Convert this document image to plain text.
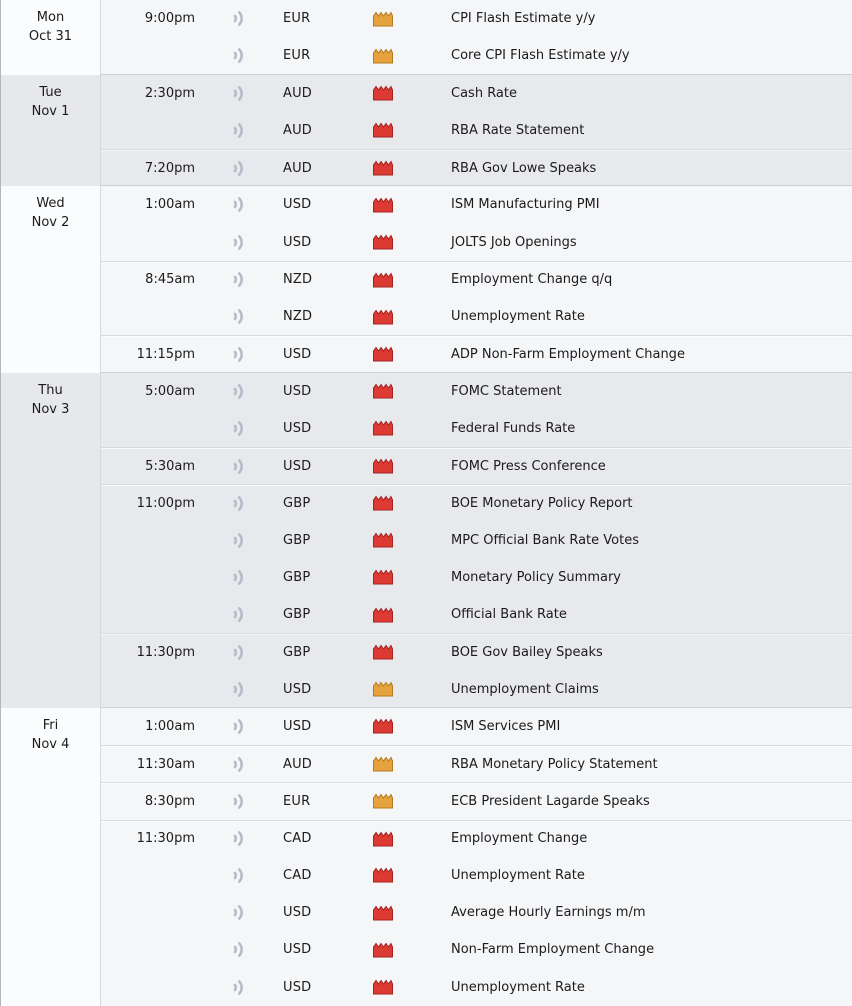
Mon
Oct 31
9:00pm	EUR	CPI Flash Estimate y/y
EUR	Core CPI Flash Estimate y/y
Tue
Nov 1
2:30pm	AUD	Cash Rate
AUD	RBA Rate Statement
7:20pm	AUD	RBA Gov Lowe Speaks
Wed
Nov 2
1:00am	USD	ISM Manufacturing PMI
USD	JOLTS Job Openings
8:45am	NZD	Employment Change q/q
NZD	Unemployment Rate
11:15pm	USD	ADP Non-Farm Employment Change
Thu
Nov 3
5:00am	USD	FOMC Statement
USD	Federal Funds Rate
5:30am	USD	FOMC Press Conference
11:00pm	GBP	BOE Monetary Policy Report
GBP	MPC Official Bank Rate Votes
GBP	Monetary Policy Summary
GBP	Official Bank Rate
11:30pm	GBP	BOE Gov Bailey Speaks
USD	Unemployment Claims
Fri
Nov 4
1:00am	USD	ISM Services PMI
11:30am	AUD	RBA Monetary Policy Statement
8:30pm	EUR	ECB President Lagarde Speaks
11:30pm	CAD	Employment Change
CAD	Unemployment Rate
USD	Average Hourly Earnings m/m
USD	Non-Farm Employment Change
USD	Unemployment Rate
